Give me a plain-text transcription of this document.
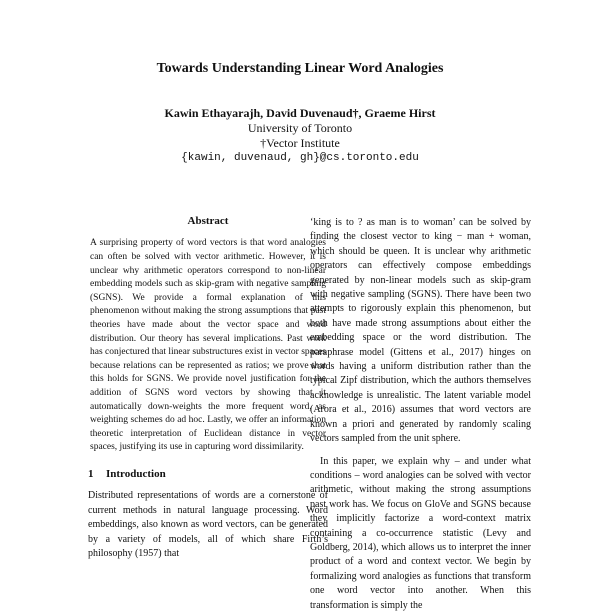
Towards Understanding Linear Word Analogies
Kawin Ethayarajh, David Duvenaud†, Graeme Hirst
University of Toronto
†Vector Institute
{kawin, duvenaud, gh}@cs.toronto.edu
Abstract
A surprising property of word vectors is that word analogies can often be solved with vector arithmetic. However, it is unclear why arithmetic operators correspond to non-linear embedding models such as skip-gram with negative sampling (SGNS). We provide a formal explanation of this phenomenon without making the strong assumptions that past theories have made about the vector space and word distribution. Our theory has several implications. Past work has conjectured that linear substructures exist in vector spaces because relations can be represented as ratios; we prove that this holds for SGNS. We provide novel justification for the addition of SGNS word vectors by showing that it automatically down-weights the more frequent word, as weighting schemes do ad hoc. Lastly, we offer an information theoretic interpretation of Euclidean distance in vector spaces, justifying its use in capturing word dissimilarity.
1 Introduction

Distributed representations of words are a cornerstone of current methods in natural language processing. Word embeddings, also known as word vectors, can be generated by a variety of models, all of which share Firth’s philosophy (1957) that

‘king is to ? as man is to woman’ can be solved by finding the closest vector to king − man + woman, which should be queen. It is unclear why arithmetic operators can effectively compose embeddings generated by non-linear models such as skip-gram with negative sampling (SGNS). There have been two attempts to rigorously explain this phenomenon, but both have made strong assumptions about either the embedding space or the word distribution. The paraphrase model (Gittens et al., 2017) hinges on words having a uniform distribution rather than the typical Zipf distribution, which the authors themselves acknowledge is unrealistic. The latent variable model (Arora et al., 2016) assumes that word vectors are known a priori and generated by randomly scaling vectors sampled from the unit sphere.

In this paper, we explain why – and under what conditions – word analogies can be solved with vector arithmetic, without making the strong assumptions past work has. We focus on GloVe and SGNS because they implicitly factorize a word-context matrix containing a co-occurrence statistic (Levy and Goldberg, 2014), which allows us to interpret the inner product of a word and context vector. We begin by formalizing word analogies as functions that transform one word vector into another. When this transformation is simply the
